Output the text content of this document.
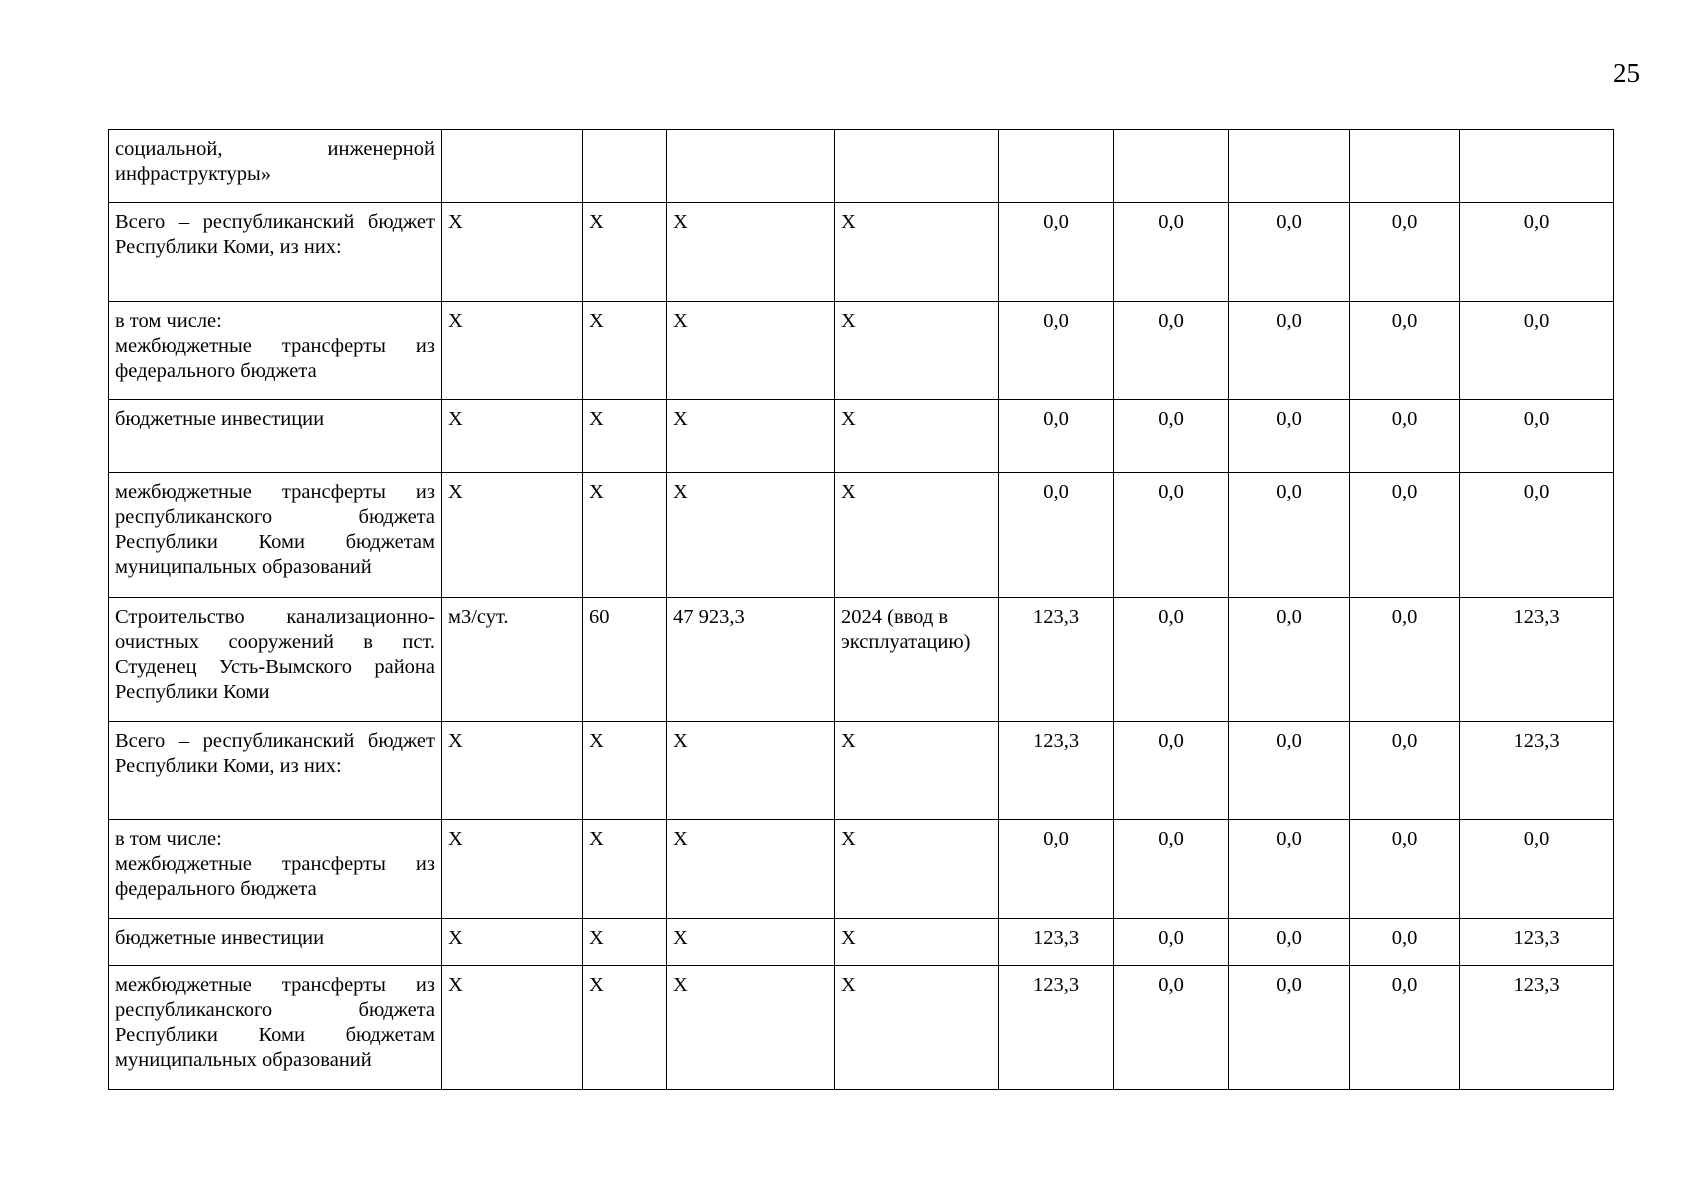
25
социальной, инженерной инфраструктуры»									

Всего – республиканский бюджет Республики Коми, из них:	X	X	X	X	0,0	0,0	0,0	0,0	0,0

в том числе:
межбюджетные трансферты из федерального бюджета	X	X	X	X	0,0	0,0	0,0	0,0	0,0

бюджетные инвестиции	X	X	X	X	0,0	0,0	0,0	0,0	0,0

межбюджетные трансферты из республиканского бюджета Республики Коми бюджетам муниципальных образований	X	X	X	X	0,0	0,0	0,0	0,0	0,0

Строительство канализационно-очистных сооружений в пст. Студенец Усть-Вымского района Республики Коми	м3/сут.	60	47 923,3	2024 (ввод в эксплуатацию)	123,3	0,0	0,0	0,0	123,3

Всего – республиканский бюджет Республики Коми, из них:	X	X	X	X	123,3	0,0	0,0	0,0	123,3

в том числе:
межбюджетные трансферты из федерального бюджета	X	X	X	X	0,0	0,0	0,0	0,0	0,0

бюджетные инвестиции	X	X	X	X	123,3	0,0	0,0	0,0	123,3

межбюджетные трансферты из республиканского бюджета Республики Коми бюджетам муниципальных образований	X	X	X	X	123,3	0,0	0,0	0,0	123,3
